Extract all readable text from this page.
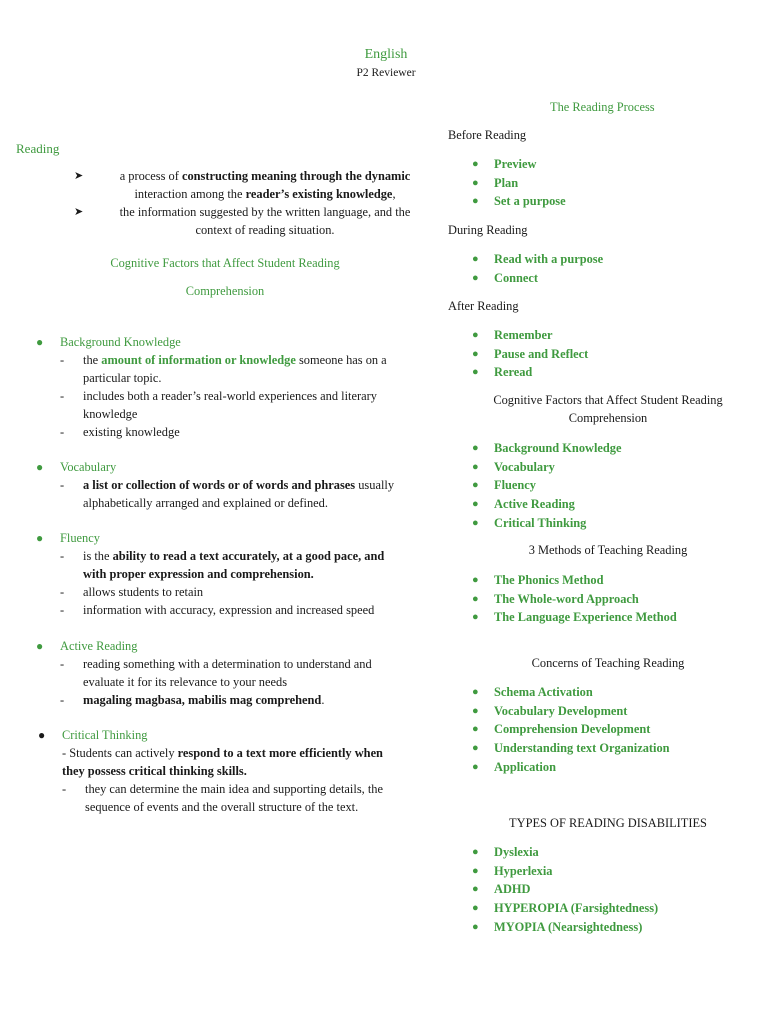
English
P2 Reviewer
Reading
➤	a process of constructing meaning through the dynamic
interaction among the reader’s existing knowledge,
➤	the information suggested by the written language, and the
context of reading situation.
Cognitive Factors that Affect Student Reading
Comprehension
● Background Knowledge
- the amount of information or knowledge someone has on a
particular topic.
- includes both a reader’s real-world experiences and literary
knowledge
- existing knowledge
● Vocabulary
- a list or collection of words or of words and phrases usually
alphabetically arranged and explained or defined.
● Fluency
- is the ability to read a text accurately, at a good pace, and
with proper expression and comprehension.
- allows students to retain
- information with accuracy, expression and increased speed
● Active Reading
- reading something with a determination to understand and
evaluate it for its relevance to your needs
- magaling magbasa, mabilis mag comprehend.
● Critical Thinking
- Students can actively respond to a text more efficiently when
they possess critical thinking skills.
- they can determine the main idea and supporting details, the
sequence of events and the overall structure of the text.
The Reading Process
Before Reading
● Preview
● Plan
● Set a purpose
During Reading
● Read with a purpose
● Connect
After Reading
● Remember
● Pause and Reflect
● Reread
Cognitive Factors that Affect Student Reading
Comprehension
● Background Knowledge
● Vocabulary
● Fluency
● Active Reading
● Critical Thinking
3 Methods of Teaching Reading
● The Phonics Method
● The Whole-word Approach
● The Language Experience Method
Concerns of Teaching Reading
● Schema Activation
● Vocabulary Development
● Comprehension Development
● Understanding text Organization
● Application
TYPES OF READING DISABILITIES
● Dyslexia
● Hyperlexia
● ADHD
● HYPEROPIA (Farsightedness)
● MYOPIA (Nearsightedness)
